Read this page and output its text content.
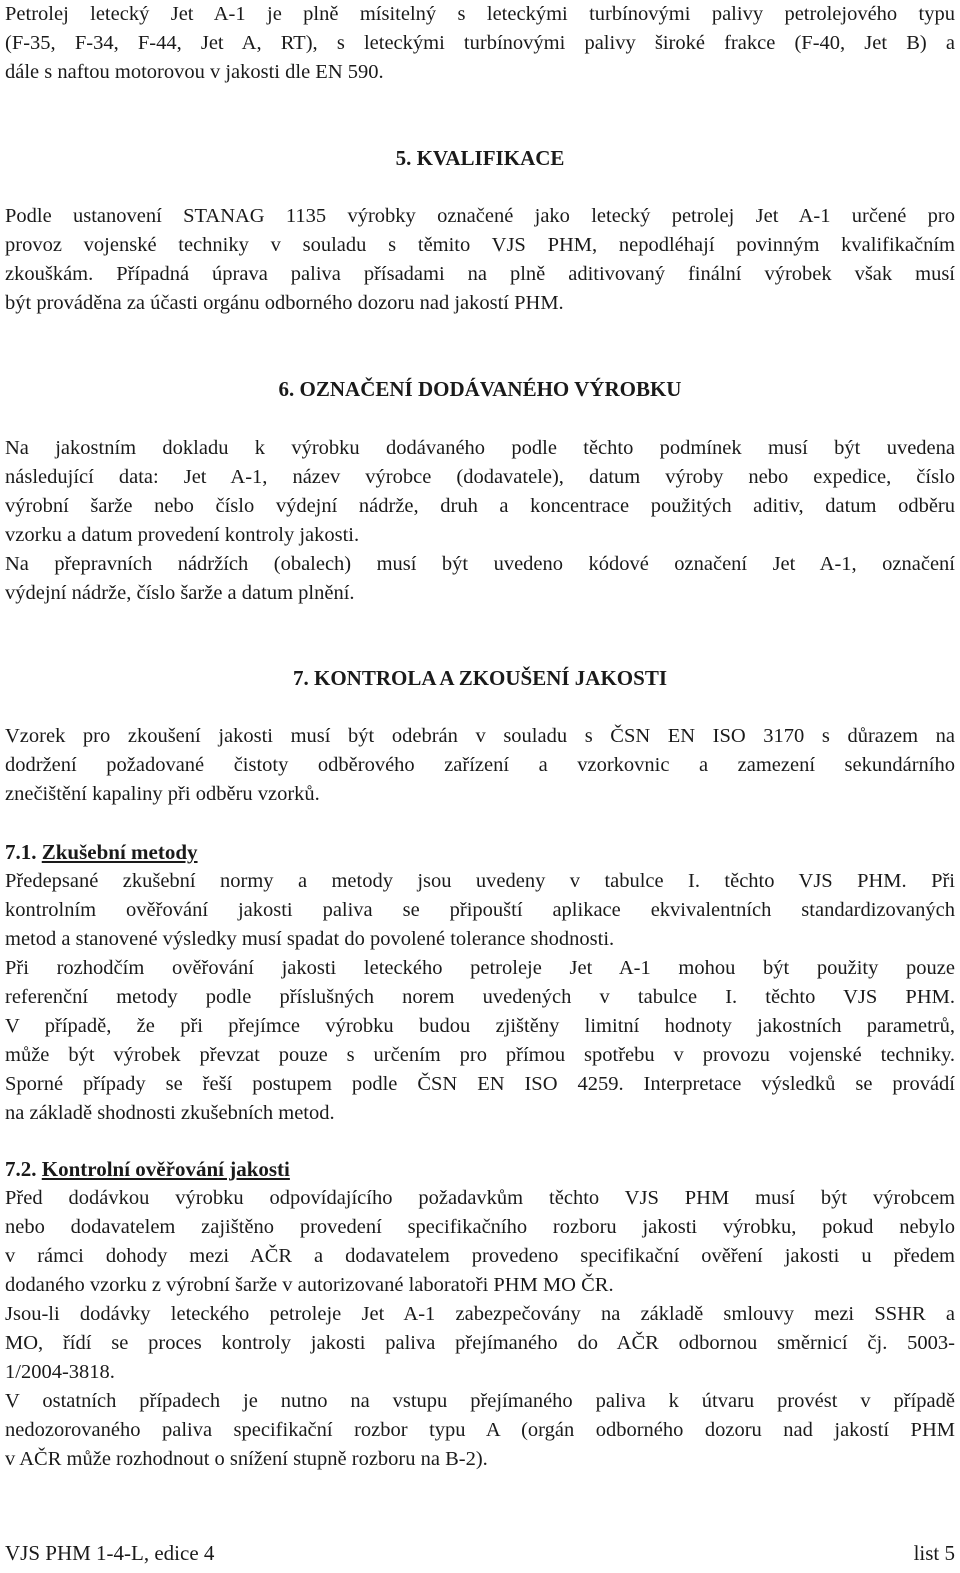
Petrolej letecký Jet A-1 je plně mísitelný s leteckými turbínovými palivy petrolejového typu
(F-35, F-34, F-44, Jet A, RT), s leteckými turbínovými palivy široké frakce (F-40, Jet B) a
dále s naftou motorovou v jakosti dle EN 590.
5. KVALIFIKACE
Podle ustanovení STANAG 1135 výrobky označené jako letecký petrolej Jet A-1 určené pro
provoz vojenské techniky v souladu s těmito VJS PHM, nepodléhají povinným kvalifikačním
zkouškám. Případná úprava paliva přísadami na plně aditivovaný finální výrobek však musí
být prováděna za účasti orgánu odborného dozoru nad jakostí PHM.
6. OZNAČENÍ DODÁVANÉHO VÝROBKU
Na jakostním dokladu k výrobku dodávaného podle těchto podmínek musí být uvedena
následující data: Jet A-1, název výrobce (dodavatele), datum výroby nebo expedice, číslo
výrobní šarže nebo číslo výdejní nádrže, druh a koncentrace použitých aditiv, datum odběru
vzorku a datum provedení kontroly jakosti.
Na přepravních nádržích (obalech) musí být uvedeno kódové označení Jet A-1, označení
výdejní nádrže, číslo šarže a datum plnění.
7. KONTROLA A ZKOUŠENÍ JAKOSTI
Vzorek pro zkoušení jakosti musí být odebrán v souladu s ČSN EN ISO 3170 s důrazem na
dodržení požadované čistoty odběrového zařízení a vzorkovnic a zamezení sekundárního
znečištění kapaliny při odběru vzorků.
7.1. Zkušební metody
Předepsané zkušební normy a metody jsou uvedeny v tabulce I. těchto VJS PHM. Při
kontrolním ověřování jakosti paliva se připouští aplikace ekvivalentních standardizovaných
metod a stanovené výsledky musí spadat do povolené tolerance shodnosti.
Při rozhodčím ověřování jakosti leteckého petroleje Jet A-1 mohou být použity pouze
referenční metody podle příslušných norem uvedených v tabulce I. těchto VJS PHM.
V případě, že při přejímce výrobku budou zjištěny limitní hodnoty jakostních parametrů,
může být výrobek převzat pouze s určením pro přímou spotřebu v provozu vojenské techniky.
Sporné případy se řeší postupem podle ČSN EN ISO 4259. Interpretace výsledků se provádí
na základě shodnosti zkušebních metod.
7.2. Kontrolní ověřování jakosti
Před dodávkou výrobku odpovídajícího požadavkům těchto VJS PHM musí být výrobcem
nebo dodavatelem zajištěno provedení specifikačního rozboru jakosti výrobku, pokud nebylo
v rámci dohody mezi AČR a dodavatelem provedeno specifikační ověření jakosti u předem
dodaného vzorku z výrobní šarže v autorizované laboratoři PHM MO ČR.
Jsou-li dodávky leteckého petroleje Jet A-1 zabezpečovány na základě smlouvy mezi SSHR a
MO, řídí se proces kontroly jakosti paliva přejímaného do AČR odbornou směrnicí čj. 5003-
1/2004-3818.
V ostatních případech je nutno na vstupu přejímaného paliva k útvaru provést v případě
nedozorovaného paliva specifikační rozbor typu A (orgán odborného dozoru nad jakostí PHM
v AČR může rozhodnout o snížení stupně rozboru na B-2).
VJS PHM 1-4-L, edice 4	list 5
